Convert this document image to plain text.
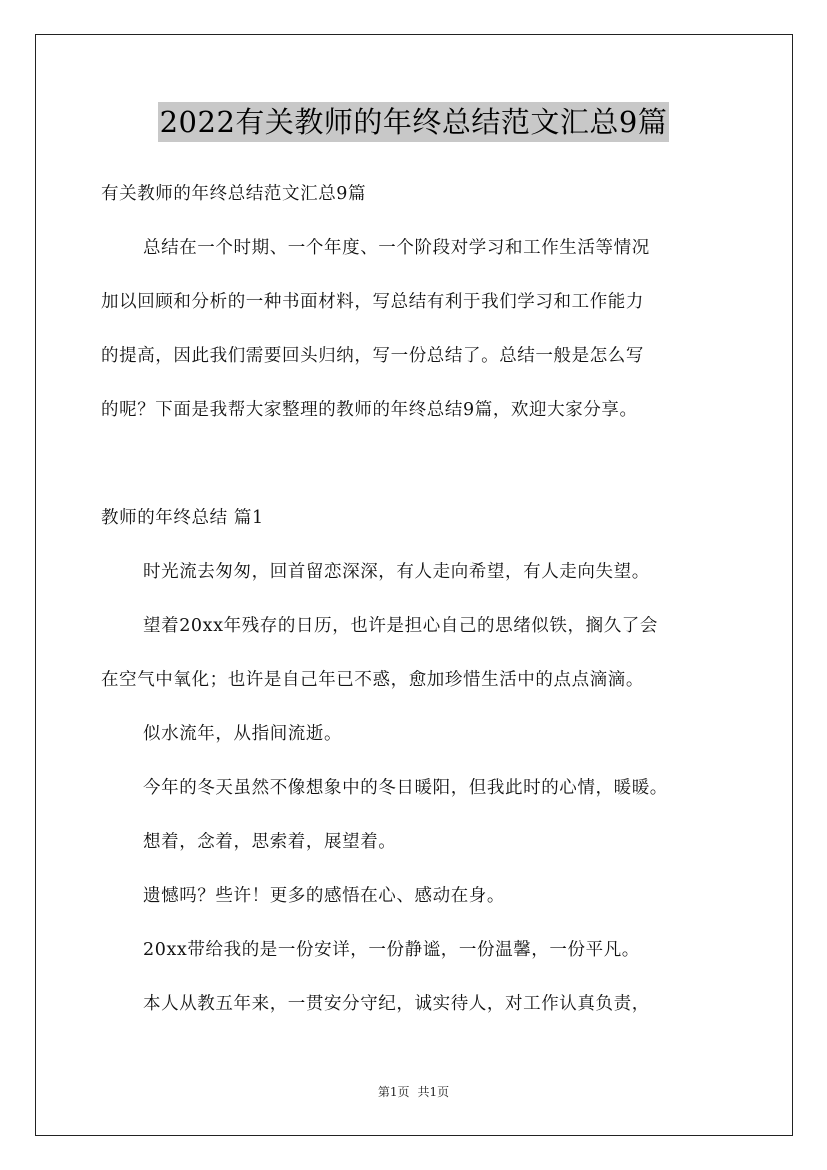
2022有关教师的年终总结范文汇总9篇
有关教师的年终总结范文汇总9篇
总结在一个时期、一个年度、一个阶段对学习和工作生活等情况
加以回顾和分析的一种书面材料，写总结有利于我们学习和工作能力
的提高，因此我们需要回头归纳，写一份总结了。总结一般是怎么写
的呢？下面是我帮大家整理的教师的年终总结9篇，欢迎大家分享。
教师的年终总结 篇1
时光流去匆匆，回首留恋深深，有人走向希望，有人走向失望。
望着20xx年残存的日历，也许是担心自己的思绪似铁，搁久了会
在空气中氧化；也许是自己年已不惑，愈加珍惜生活中的点点滴滴。
似水流年，从指间流逝。
今年的冬天虽然不像想象中的冬日暖阳，但我此时的心情，暖暖。
想着，念着，思索着，展望着。
遗憾吗？些许！更多的感悟在心、感动在身。
20xx带给我的是一份安详，一份静谧，一份温馨，一份平凡。
本人从教五年来，一贯安分守纪，诚实待人，对工作认真负责，
第1页 共1页
